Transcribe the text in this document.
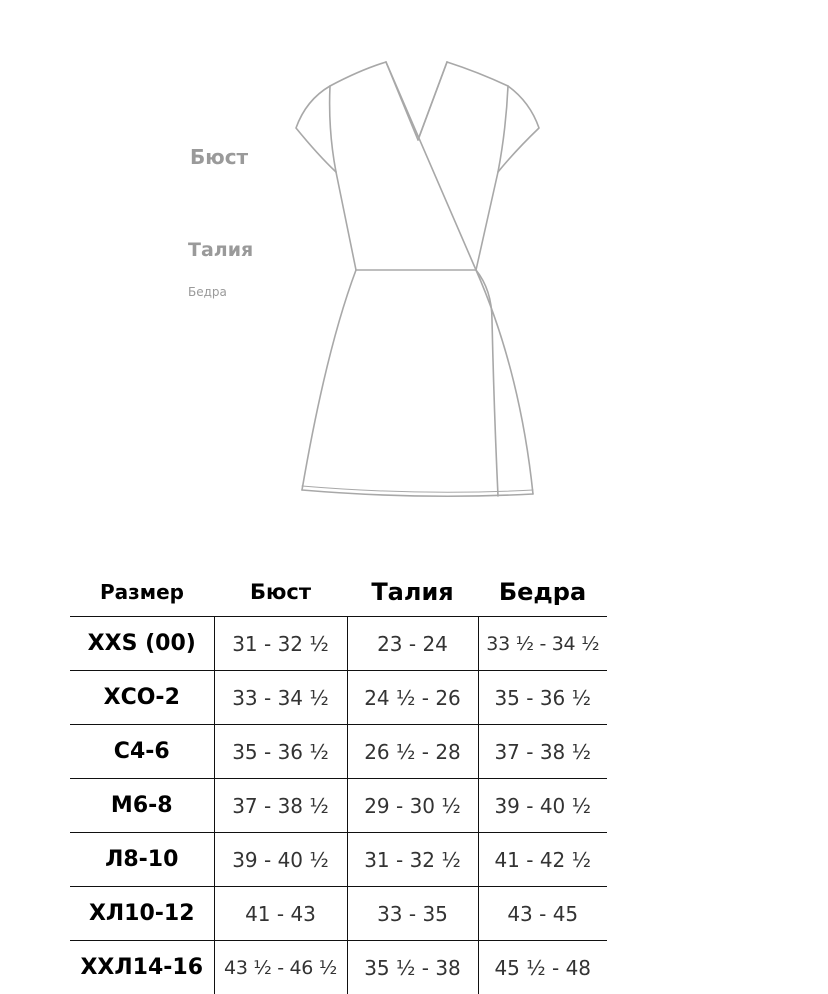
Бюст
Талия
Бедра
Размер	Бюст	Талия	Бедра
XXS (00)	31 - 32 ½	23 - 24	33 ½ - 34 ½
ХСО-2	33 - 34 ½	24 ½ - 26	35 - 36 ½
С4-6	35 - 36 ½	26 ½ - 28	37 - 38 ½
М6-8	37 - 38 ½	29 - 30 ½	39 - 40 ½
Л8-10	39 - 40 ½	31 - 32 ½	41 - 42 ½
ХЛ10-12	41 - 43	33 - 35	43 - 45
ХХЛ14-16	43 ½ - 46 ½	35 ½ - 38	45 ½ - 48
